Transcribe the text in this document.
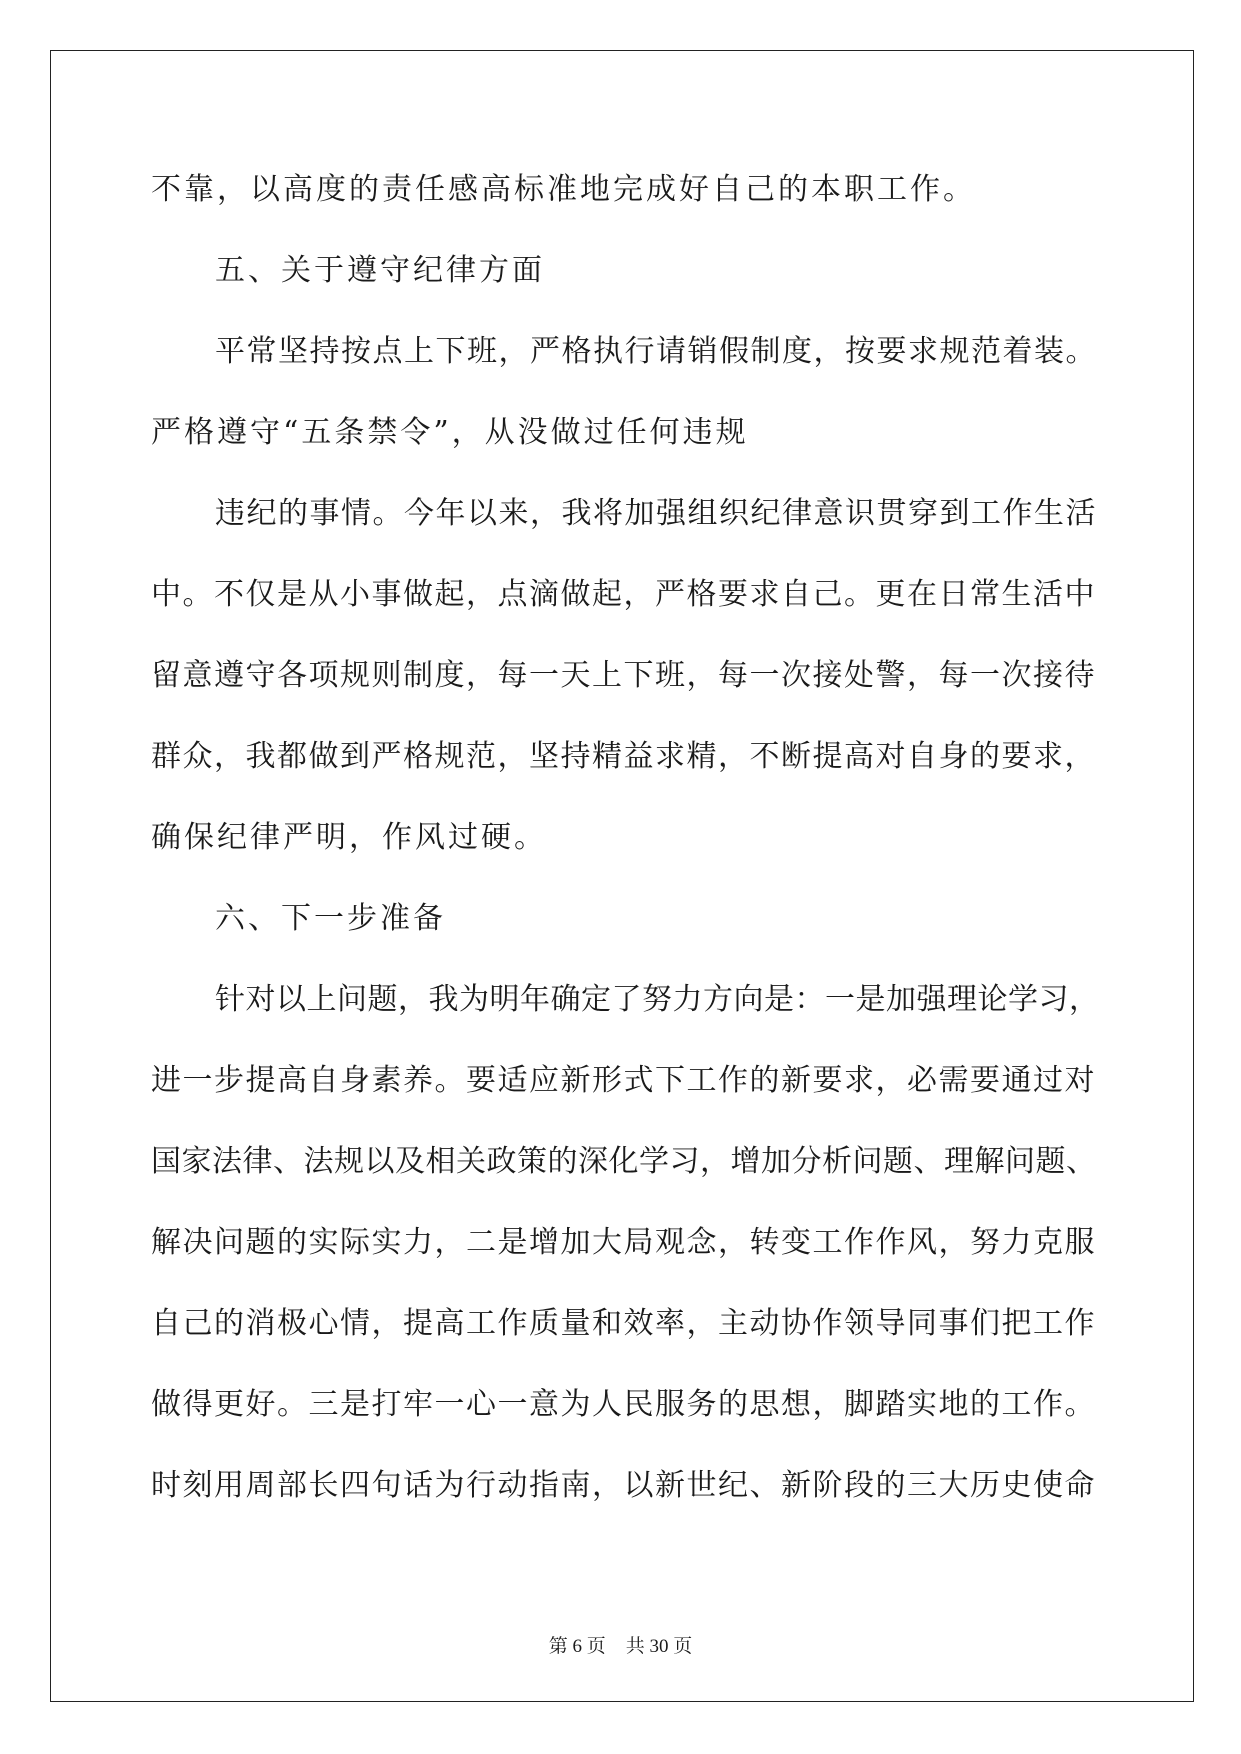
不靠，以高度的责任感高标准地完成好自己的本职工作。

五、关于遵守纪律方面

平常坚持按点上下班，严格执行请销假制度，按要求规范着装。

严格遵守“五条禁令”，从没做过任何违规

违纪的事情。今年以来，我将加强组织纪律意识贯穿到工作生活

中。不仅是从小事做起，点滴做起，严格要求自己。更在日常生活中

留意遵守各项规则制度，每一天上下班，每一次接处警，每一次接待

群众，我都做到严格规范，坚持精益求精，不断提高对自身的要求，

确保纪律严明，作风过硬。

六、下一步准备

针对以上问题，我为明年确定了努力方向是：一是加强理论学习，

进一步提高自身素养。要适应新形式下工作的新要求，必需要通过对

国家法律、法规以及相关政策的深化学习，增加分析问题、理解问题、

解决问题的实际实力，二是增加大局观念，转变工作作风，努力克服

自己的消极心情，提高工作质量和效率，主动协作领导同事们把工作

做得更好。三是打牢一心一意为人民服务的思想，脚踏实地的工作。

时刻用周部长四句话为行动指南，以新世纪、新阶段的三大历史使命

第 6 页 共 30 页
